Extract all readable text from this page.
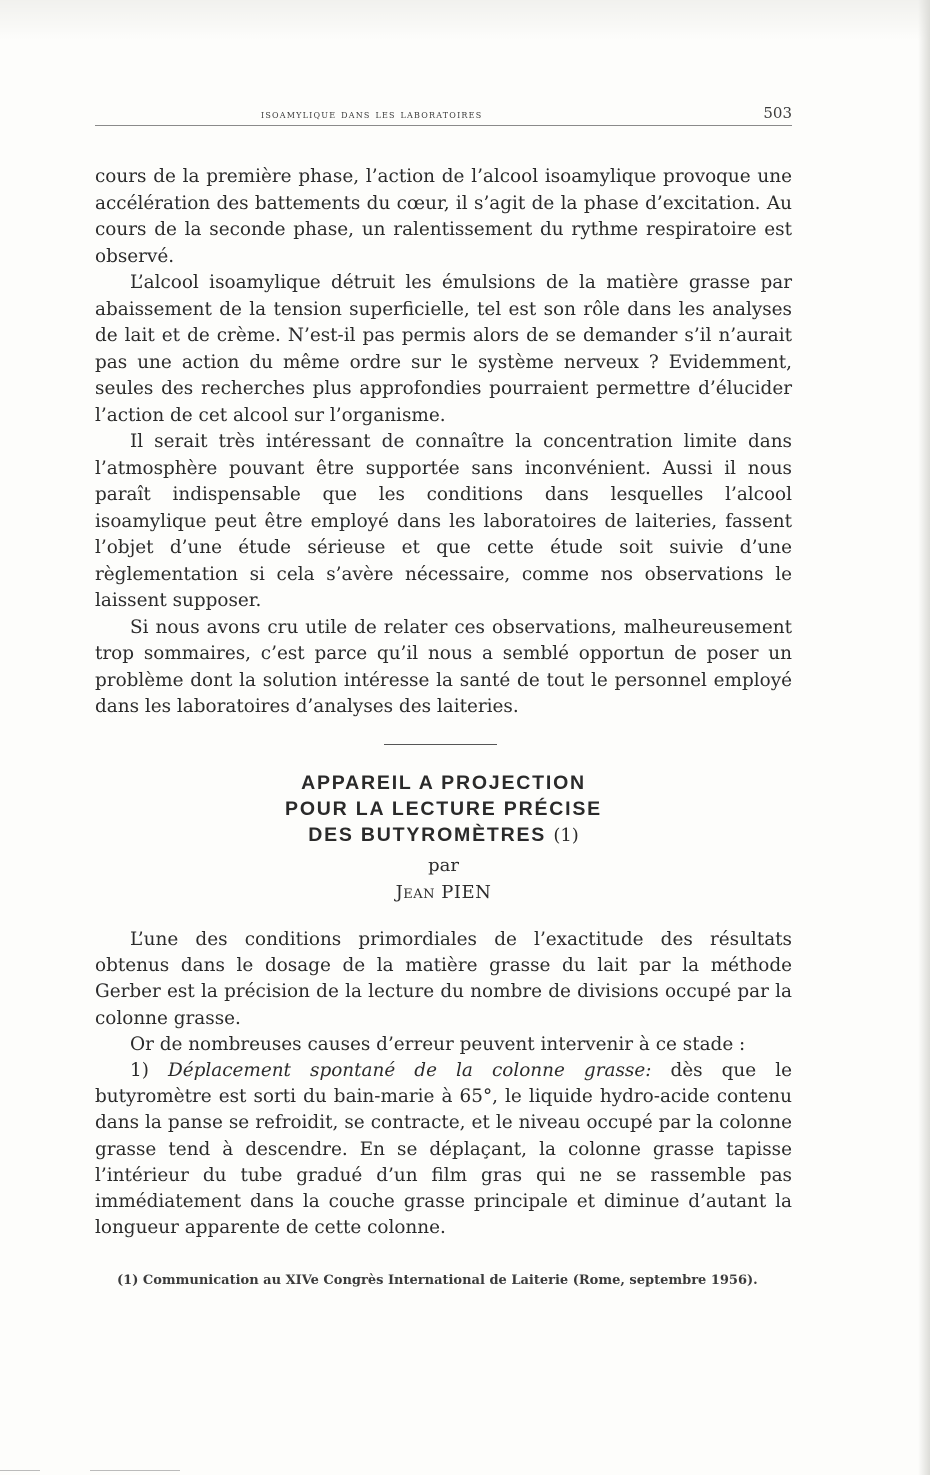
isoamylique dans les laboratoires	503

cours de la première phase, l’action de l’alcool isoamylique provoque une accélération des battements du cœur, il s’agit de la phase d’excitation. Au cours de la seconde phase, un ralentissement du rythme respiratoire est observé.

L’alcool isoamylique détruit les émulsions de la matière grasse par abaissement de la tension superficielle, tel est son rôle dans les analyses de lait et de crème. N’est-il pas permis alors de se demander s’il n’aurait pas une action du même ordre sur le système nerveux ? Evidemment, seules des recherches plus approfondies pourraient permettre d’élucider l’action de cet alcool sur l’organisme.

Il serait très intéressant de connaître la concentration limite dans l’atmosphère pouvant être supportée sans inconvénient. Aussi il nous paraît indispensable que les conditions dans lesquelles l’alcool isoamylique peut être employé dans les laboratoires de laiteries, fassent l’objet d’une étude sérieuse et que cette étude soit suivie d’une règlementation si cela s’avère nécessaire, comme nos observations le laissent supposer.

Si nous avons cru utile de relater ces observations, malheureusement trop sommaires, c’est parce qu’il nous a semblé opportun de poser un problème dont la solution intéresse la santé de tout le personnel employé dans les laboratoires d’analyses des laiteries.

APPAREIL A PROJECTION
POUR LA LECTURE PRÉCISE
DES BUTYROMÈTRES (1)
par
Jean PIEN

L’une des conditions primordiales de l’exactitude des résultats obtenus dans le dosage de la matière grasse du lait par la méthode Gerber est la précision de la lecture du nombre de divisions occupé par la colonne grasse.

Or de nombreuses causes d’erreur peuvent intervenir à ce stade :

1) Déplacement spontané de la colonne grasse: dès que le butyromètre est sorti du bain-marie à 65°, le liquide hydro-acide contenu dans la panse se refroidit, se contracte, et le niveau occupé par la colonne grasse tend à descendre. En se déplaçant, la colonne grasse tapisse l’intérieur du tube gradué d’un film gras qui ne se rassemble pas immédiatement dans la couche grasse principale et diminue d’autant la longueur apparente de cette colonne.

(1) Communication au XIVe Congrès International de Laiterie (Rome, septembre 1956).
